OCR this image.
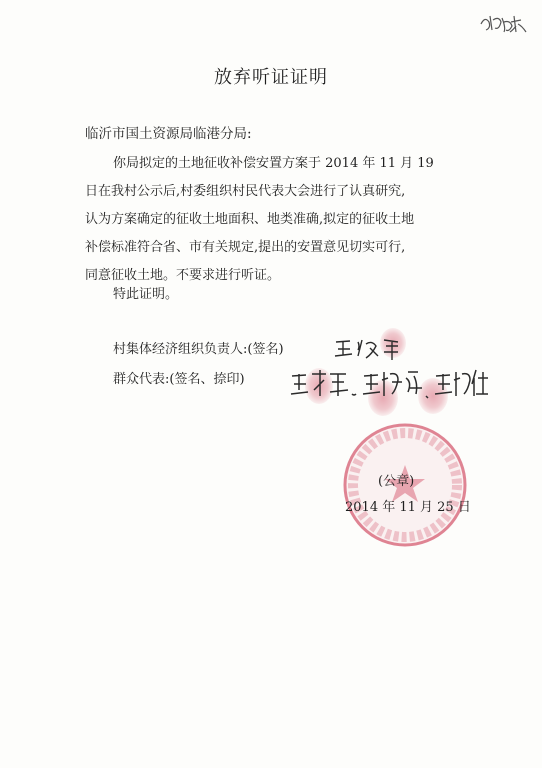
放弃听证证明
临沂市国土资源局临港分局:
你局拟定的土地征收补偿安置方案于 2014 年 11 月 19
日在我村公示后,村委组织村民代表大会进行了认真研究,
认为方案确定的征收土地面积、地类准确,拟定的征收土地
补偿标准符合省、市有关规定,提出的安置意见切实可行,
同意征收土地。不要求进行听证。
特此证明。
村集体经济组织负责人:(签名)
群众代表:(签名、捺印)
(公章)
2014 年 11 月 25 日
